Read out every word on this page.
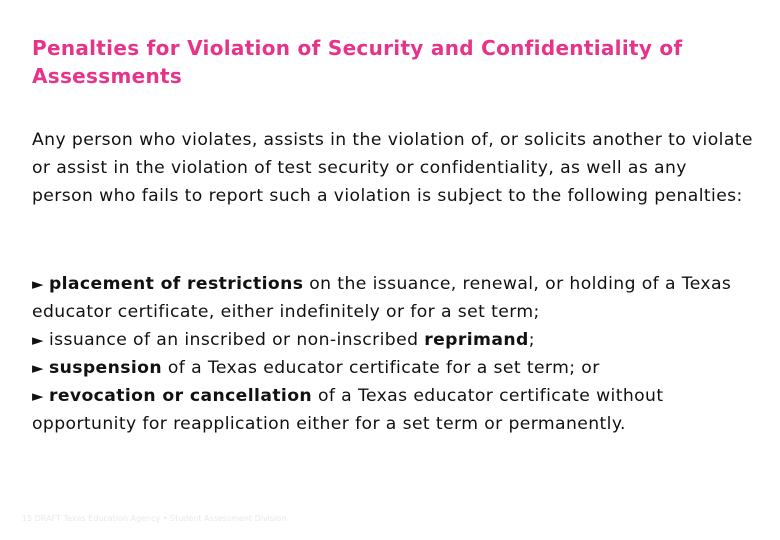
Penalties for Violation of Security and Confidentiality of Assessments

Any person who violates, assists in the violation of, or solicits another to violate or assist in the violation of test security or confidentiality, as well as any person who fails to report such a violation is subject to the following penalties:

► placement of restrictions on the issuance, renewal, or holding of a Texas educator certificate, either indefinitely or for a set term;
► issuance of an inscribed or non-inscribed reprimand;
► suspension of a Texas educator certificate for a set term; or
► revocation or cancellation of a Texas educator certificate without opportunity for reapplication either for a set term or permanently.
15 DRAFT Texas Education Agency • Student Assessment Division
